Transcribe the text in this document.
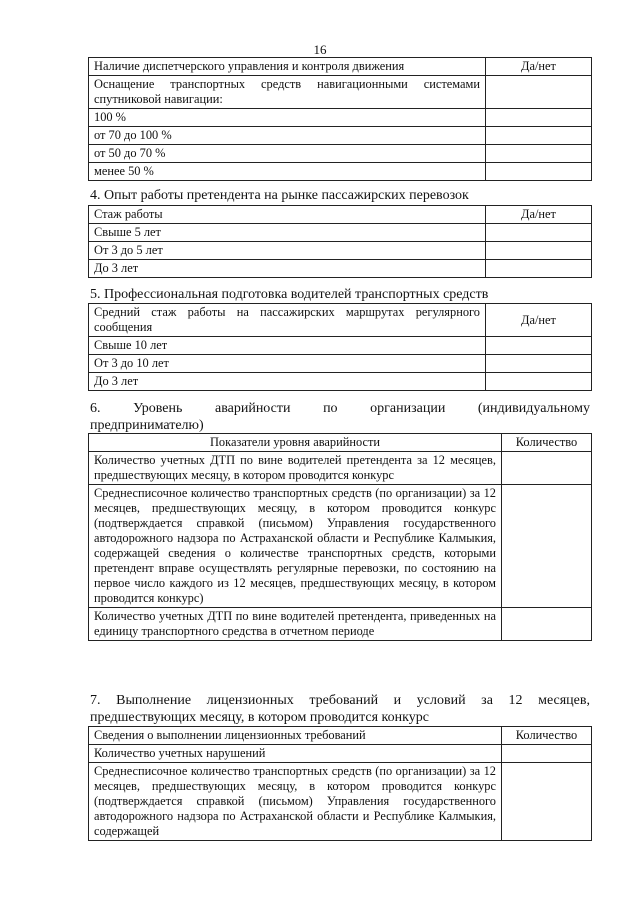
16
Наличие диспетчерского управления и контроля движения	Да/нет
Оснащение транспортных средств навигационными системами спутниковой навигации:	
100 %	
от 70 до 100 %	
от 50 до 70 %	
менее 50 %	

4. Опыт работы претендента на рынке пассажирских перевозок

Стаж работы	Да/нет
Свыше 5 лет	
От 3 до 5 лет	
До 3 лет	

5. Профессиональная подготовка водителей транспортных средств

Средний стаж работы на пассажирских маршрутах регулярного сообщения	Да/нет
Свыше 10 лет	
От 3 до 10 лет	
До 3 лет	

6. Уровень аварийности по организации (индивидуальному

предпринимателю)

Показатели уровня аварийности	Количество
Количество учетных ДТП по вине водителей претендента за 12 месяцев, предшествующих месяцу, в котором проводится конкурс	
Среднесписочное количество транспортных средств (по организации) за 12 месяцев, предшествующих месяцу, в котором проводится конкурс (подтверждается справкой (письмом) Управления государственного автодорожного надзора по Астраханской области и Республике Калмыкия, содержащей сведения о количестве транспортных средств, которыми претендент вправе осуществлять регулярные перевозки, по состоянию на первое число каждого из 12 месяцев, предшествующих месяцу, в котором проводится конкурс)	
Количество учетных ДТП по вине водителей претендента, приведенных на единицу транспортного средства в отчетном периоде	

7. Выполнение лицензионных требований и условий за 12 месяцев,

предшествующих месяцу, в котором проводится конкурс

Сведения о выполнении лицензионных требований	Количество
Количество учетных нарушений	
Среднесписочное количество транспортных средств (по организации) за 12 месяцев, предшествующих месяцу, в котором проводится конкурс (подтверждается справкой (письмом) Управления государственного автодорожного надзора по Астраханской области и Республике Калмыкия, содержащей	
